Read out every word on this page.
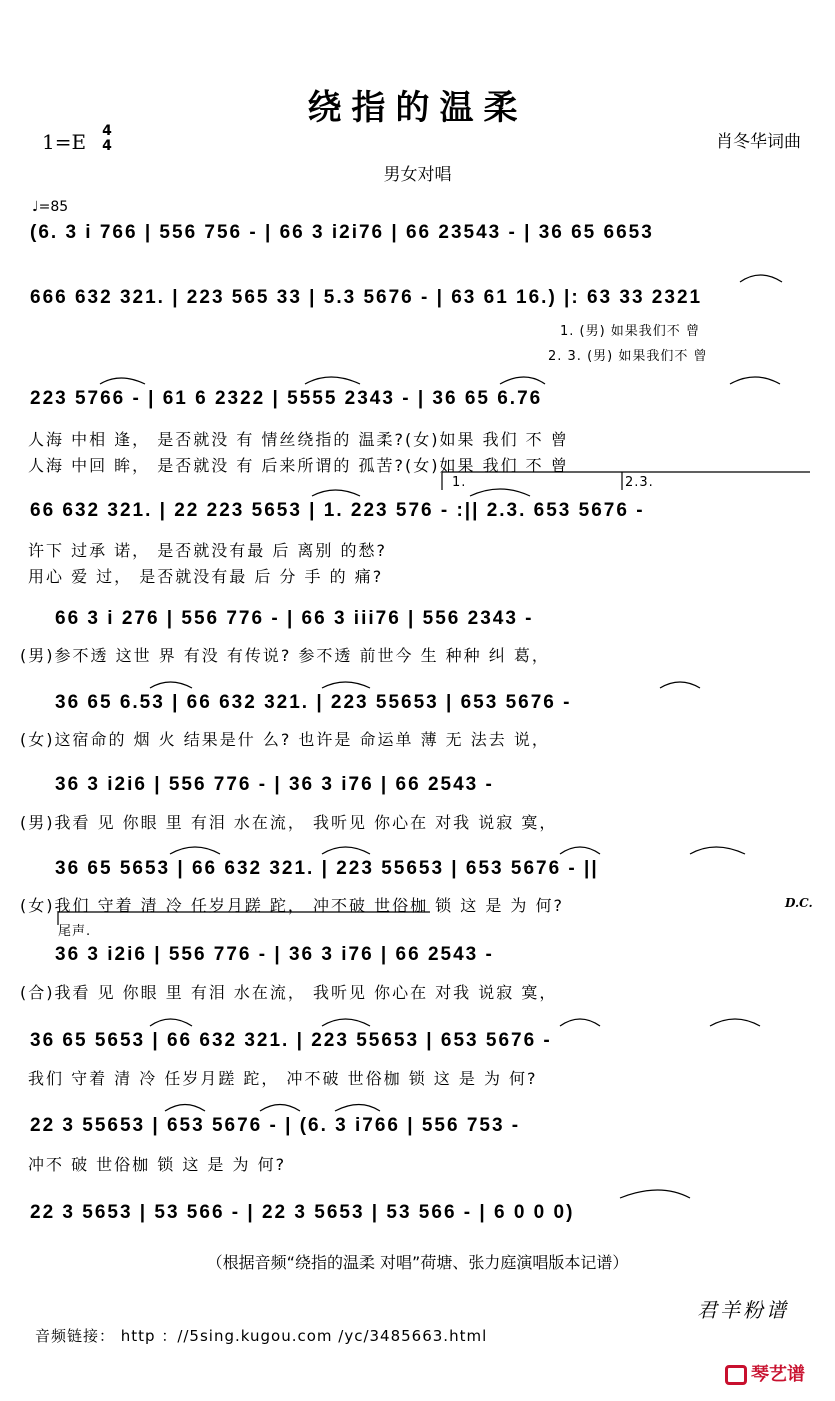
绕指的温柔
1=E 4
4	肖冬华词曲
男女对唱
♩=85
(6. 3 i 766 | 556 756 - | 66 3 i2i76 | 66 23543 - | 36 65 6653
666 632 321. | 223 565 33 | 5.3 5676 - | 63 61 16.) |: 63 33 2321
1. (男) 如果我们不 曾
2. 3. (男) 如果我们不 曾
223 5766 - | 61 6 2322 | 5555 2343 - | 36 65 6.76
人海 中相 逢， 是否就没 有 情丝绕指的 温柔?(女)如果 我们 不 曾
人海 中回 眸， 是否就没 有 后来所谓的 孤苦?(女)如果 我们 不 曾
66 632 321. | 22 223 5653 | 1. 223 576 - :|| 2.3. 653 5676 -
许下 过承 诺， 是否就没有最 后 离别 的愁?
用心 爱 过， 是否就没有最 后 分 手 的 痛?
66 3 i 276 | 556 776 - | 66 3 iii76 | 556 2343 -
(男)参不透 这世 界 有没 有传说? 参不透 前世今 生 种种 纠 葛，
36 65 6.53 | 66 632 321. | 223 55653 | 653 5676 -
(女)这宿命的 烟 火 结果是什 么? 也许是 命运单 薄 无 法去 说，
36 3 i2i6 | 556 776 - | 36 3 i76 | 66 2543 -
(男)我看 见 你眼 里 有泪 水在流， 我听见 你心在 对我 说寂 寞，
36 65 5653 | 66 632 321. | 223 55653 | 653 5676 - ||
(女)我们 守着 清 冷 任岁月蹉 跎， 冲不破 世俗枷 锁 这 是 为 何?	D.C.
尾声.
36 3 i2i6 | 556 776 - | 36 3 i76 | 66 2543 -
(合)我看 见 你眼 里 有泪 水在流， 我听见 你心在 对我 说寂 寞，
36 65 5653 | 66 632 321. | 223 55653 | 653 5676 -
我们 守着 清 冷 任岁月蹉 跎， 冲不破 世俗枷 锁 这 是 为 何?
22 3 55653 | 653 5676 - | (6. 3 i766 | 556 753 -
冲不 破 世俗枷 锁 这 是 为 何?
22 3 5653 | 53 566 - | 22 3 5653 | 53 566 - | 6 0 0 0)
1.	2.3.
（根据音频“绕指的温柔 对唱”荷塘、张力庭演唱版本记谱）
音频链接： http ：//5sing.kugou.com /yc/3485663.html
君羊粉谱
琴艺谱
